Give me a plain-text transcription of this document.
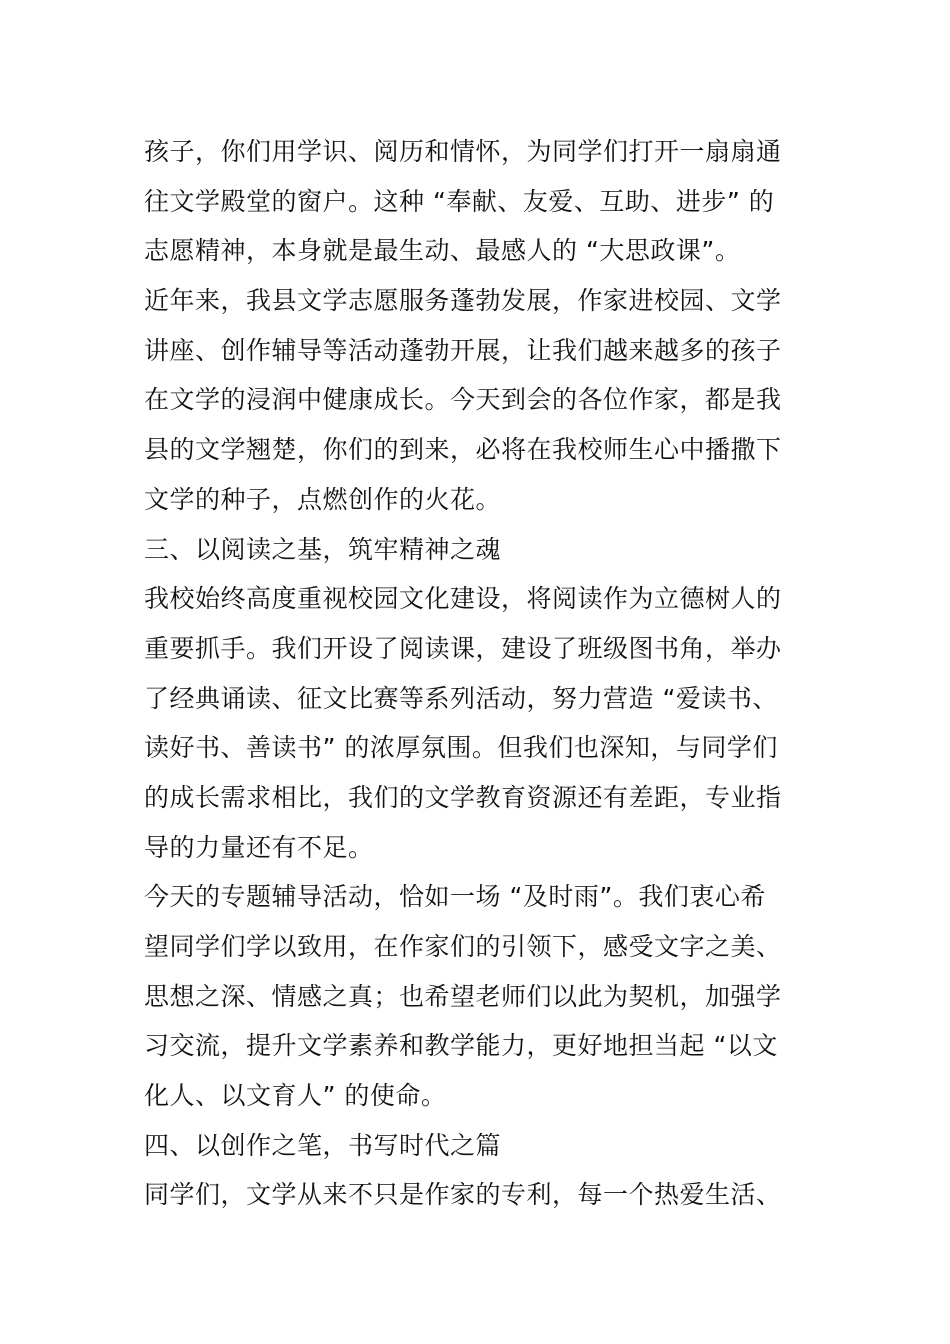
孩子，你们用学识、阅历和情怀，为同学们打开一扇扇通
往文学殿堂的窗户。这种 “奉献、友爱、互助、进步” 的
志愿精神，本身就是最生动、最感人的 “大思政课”。
近年来，我县文学志愿服务蓬勃发展，作家进校园、文学
讲座、创作辅导等活动蓬勃开展，让我们越来越多的孩子
在文学的浸润中健康成长。今天到会的各位作家，都是我
县的文学翘楚，你们的到来，必将在我校师生心中播撒下
文学的种子，点燃创作的火花。
三、以阅读之基，筑牢精神之魂
我校始终高度重视校园文化建设，将阅读作为立德树人的
重要抓手。我们开设了阅读课，建设了班级图书角，举办
了经典诵读、征文比赛等系列活动，努力营造 “爱读书、
读好书、善读书” 的浓厚氛围。但我们也深知，与同学们
的成长需求相比，我们的文学教育资源还有差距，专业指
导的力量还有不足。
今天的专题辅导活动，恰如一场 “及时雨”。我们衷心希
望同学们学以致用，在作家们的引领下，感受文字之美、
思想之深、情感之真；也希望老师们以此为契机，加强学
习交流，提升文学素养和教学能力，更好地担当起 “以文
化人、以文育人” 的使命。
四、以创作之笔，书写时代之篇
同学们，文学从来不只是作家的专利，每一个热爱生活、
